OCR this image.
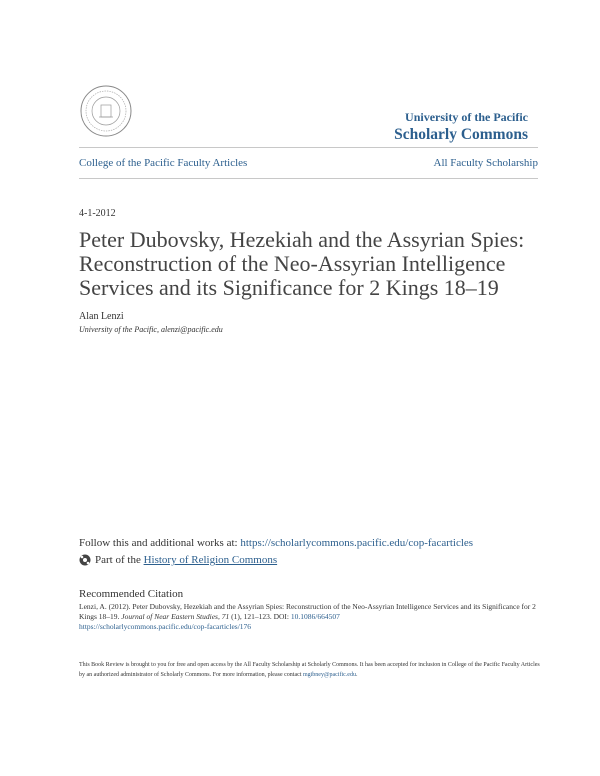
University of the Pacific
Scholarly Commons
College of the Pacific Faculty Articles	All Faculty Scholarship
4-1-2012
Peter Dubovsky, Hezekiah and the Assyrian Spies: Reconstruction of the Neo-Assyrian Intelligence Services and its Significance for 2 Kings 18–19
Alan Lenzi
University of the Pacific, alenzi@pacific.edu
Follow this and additional works at: https://scholarlycommons.pacific.edu/cop-facarticles
Part of the
History of Religion Commons
Recommended Citation
Lenzi, A. (2012). Peter Dubovsky, Hezekiah and the Assyrian Spies: Reconstruction of the Neo-Assyrian Intelligence Services and its Significance for 2 Kings 18–19. Journal of Near Eastern Studies, 71 (1), 121–123. DOI: 10.1086/664507
https://scholarlycommons.pacific.edu/cop-facarticles/176
This Book Review is brought to you for free and open access by the All Faculty Scholarship at Scholarly Commons. It has been accepted for inclusion in College of the Pacific Faculty Articles by an authorized administrator of Scholarly Commons. For more information, please contact mgibney@pacific.edu.
